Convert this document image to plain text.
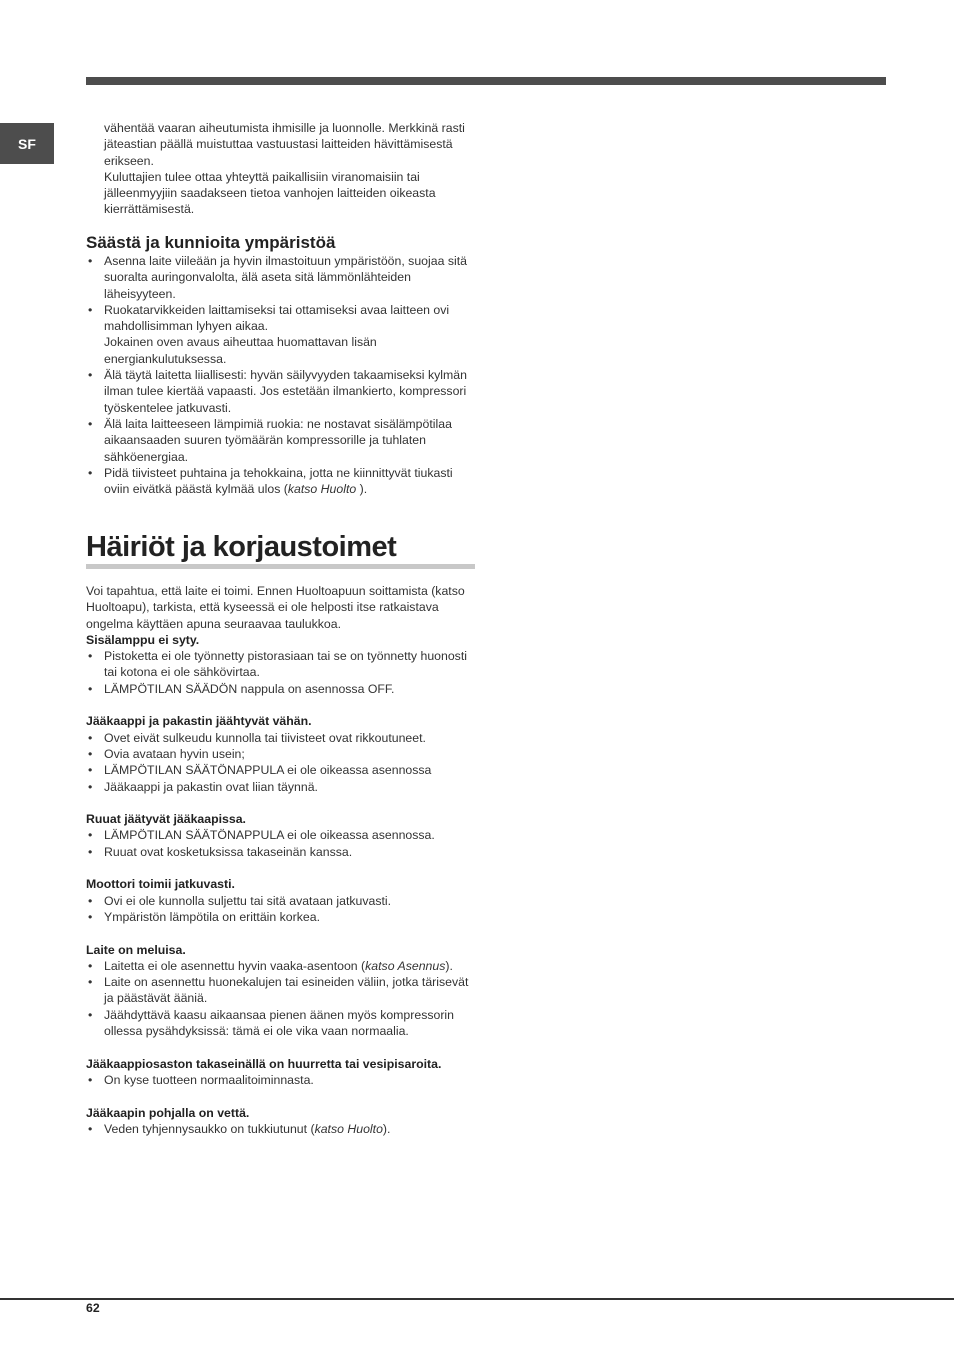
SF

vähentää vaaran aiheutumista ihmisille ja luonnolle. Merkkinä rasti jäteastian päällä muistuttaa vastuustasi laitteiden hävittämisestä erikseen.

Kuluttajien tulee ottaa yhteyttä paikallisiin viranomaisiin tai jälleenmyyjiin saadakseen tietoa vanhojen laitteiden oikeasta kierrättämisestä.

Säästä ja kunnioita ympäristöä
• Asenna laite viileään ja hyvin ilmastoituun ympäristöön, suojaa sitä suoralta auringonvalolta, älä aseta sitä lämmönlähteiden läheisyyteen.

• Ruokatarvikkeiden laittamiseksi tai ottamiseksi avaa laitteen ovi mahdollisimman lyhyen aikaa.

Jokainen oven avaus aiheuttaa huomattavan lisän energiankulutuksessa.

• Älä täytä laitetta liiallisesti: hyvän säilyvyyden takaamiseksi kylmän ilman tulee kiertää vapaasti. Jos estetään ilmankierto, kompressori työskentelee jatkuvasti.
• Älä laita laitteeseen lämpimiä ruokia: ne nostavat sisälämpötilaa aikaansaaden suuren työmäärän kompressorille ja tuhlaten sähköenergiaa.
• Pidä tiivisteet puhtaina ja tehokkaina, jotta ne kiinnittyvät tiukasti oviin eivätkä päästä kylmää ulos (katso Huolto ).
Häiriöt ja korjaustoimet

Voi tapahtua, että laite ei toimi. Ennen Huoltoapuun soittamista (katso Huoltoapu), tarkista, että kyseessä ei ole helposti itse ratkaistava ongelma käyttäen apuna seuraavaa taulukkoa.

Sisälamppu ei syty.

• Pistoketta ei ole työnnetty pistorasiaan tai se on työnnetty huonosti tai kotona ei ole sähkövirtaa.
• LÄMPÖTILAN SÄÄDÖN nappula on asennossa OFF.

Jääkaappi ja pakastin jäähtyvät vähän.

• Ovet eivät sulkeudu kunnolla tai tiivisteet ovat rikkoutuneet.
• Ovia avataan hyvin usein;
• LÄMPÖTILAN SÄÄTÖNAPPULA ei ole oikeassa asennossa
• Jääkaappi ja pakastin ovat liian täynnä.

Ruuat jäätyvät jääkaapissa.

• LÄMPÖTILAN SÄÄTÖNAPPULA ei ole oikeassa asennossa.
• Ruuat ovat kosketuksissa takaseinän kanssa.

Moottori toimii jatkuvasti.

• Ovi ei ole kunnolla suljettu tai sitä avataan jatkuvasti.
• Ympäristön lämpötila on erittäin korkea.

Laite on meluisa.

• Laitetta ei ole asennettu hyvin vaaka-asentoon (katso Asennus).
• Laite on asennettu huonekalujen tai esineiden väliin, jotka tärisevät ja päästävät ääniä.
• Jäähdyttävä kaasu aikaansaa pienen äänen myös kompressorin ollessa pysähdyksissä: tämä ei ole vika vaan normaalia.

Jääkaappiosaston takaseinällä on huurretta tai vesipisaroita.

• On kyse tuotteen normaalitoiminnasta.

Jääkaapin pohjalla on vettä.

• Veden tyhjennysaukko on tukkiutunut (katso Huolto).
62
